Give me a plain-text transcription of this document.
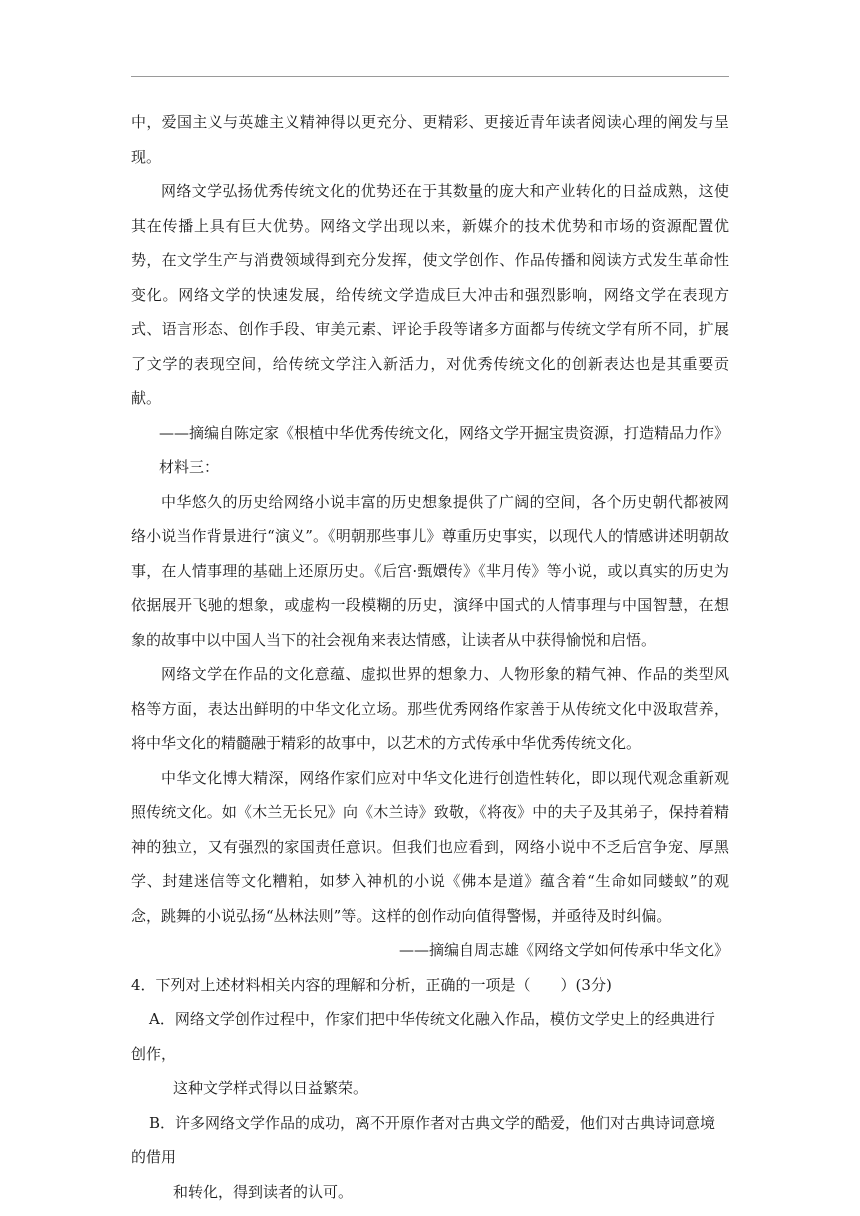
中，爱国主义与英雄主义精神得以更充分、更精彩、更接近青年读者阅读心理的阐发与呈现。

网络文学弘扬优秀传统文化的优势还在于其数量的庞大和产业转化的日益成熟，这使其在传播上具有巨大优势。网络文学出现以来，新媒介的技术优势和市场的资源配置优势，在文学生产与消费领域得到充分发挥，使文学创作、作品传播和阅读方式发生革命性变化。网络文学的快速发展，给传统文学造成巨大冲击和强烈影响，网络文学在表现方式、语言形态、创作手段、审美元素、评论手段等诸多方面都与传统文学有所不同，扩展了文学的表现空间，给传统文学注入新活力，对优秀传统文化的创新表达也是其重要贡献。

——摘编自陈定家《根植中华优秀传统文化，网络文学开掘宝贵资源，打造精品力作》

材料三：

中华悠久的历史给网络小说丰富的历史想象提供了广阔的空间，各个历史朝代都被网络小说当作背景进行“演义”。《明朝那些事儿》尊重历史事实，以现代人的情感讲述明朝故事，在人情事理的基础上还原历史。《后宫·甄嬛传》《芈月传》等小说，或以真实的历史为依据展开飞驰的想象，或虚构一段模糊的历史，演绎中国式的人情事理与中国智慧，在想象的故事中以中国人当下的社会视角来表达情感，让读者从中获得愉悦和启悟。

网络文学在作品的文化意蕴、虚拟世界的想象力、人物形象的精气神、作品的类型风格等方面，表达出鲜明的中华文化立场。那些优秀网络作家善于从传统文化中汲取营养，将中华文化的精髓融于精彩的故事中，以艺术的方式传承中华优秀传统文化。

中华文化博大精深，网络作家们应对中华文化进行创造性转化，即以现代观念重新观照传统文化。如《木兰无长兄》向《木兰诗》致敬，《将夜》中的夫子及其弟子，保持着精神的独立，又有强烈的家国责任意识。但我们也应看到，网络小说中不乏后宫争宠、厚黑学、封建迷信等文化糟粕，如梦入神机的小说《佛本是道》蕴含着“生命如同蝼蚁”的观念，跳舞的小说弘扬“丛林法则”等。这样的创作动向值得警惕，并亟待及时纠偏。

——摘编自周志雄《网络文学如何传承中华文化》

4．下列对上述材料相关内容的理解和分析，正确的一项是（　　）(3分)

A．网络文学创作过程中，作家们把中华传统文化融入作品，模仿文学史上的经典进行

创作，

这种文学样式得以日益繁荣。

B．许多网络文学作品的成功，离不开原作者对古典文学的酷爱，他们对古典诗词意境

的借用

和转化，得到读者的认可。
